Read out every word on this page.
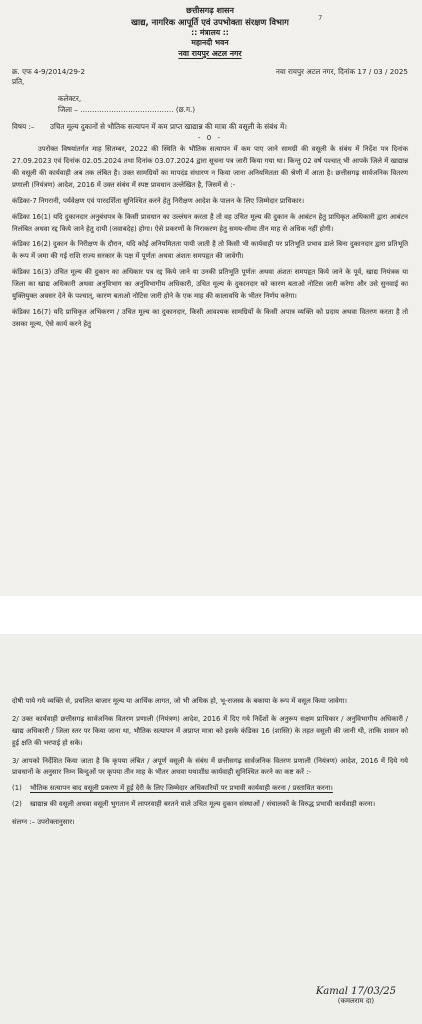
7
छत्तीसगढ़ शासन
खाद्य, नागरिक आपूर्ति एवं उपभोक्ता संरक्षण विभाग
:: मंत्रालय ::
महानदी भवन
नवा रायपुर अटल नगर
क्र. एफ 4-9/2014/29-2	नवा रायपुर अटल नगर, दिनांक 17 / 03 / 2025
प्रति,
कलेक्टर,
जिला – ………………………………… (छ.ग.)
विषय :–	उचित मूल्य दुकानों से भौतिक सत्यापन में कम प्राप्त खाद्यान्न की मात्रा की वसूली के संबंध में।
- 0 -

उपरोक्त विषयांतर्गत माह सितम्बर, 2022 की स्थिति के भौतिक सत्यापन में कम पाए जाने सामग्री की वसूली के संबंध में निर्देश पत्र दिनांक 27.09.2023 एवं दिनांक 02.05.2024 तथा दिनांक 03.07.2024 द्वारा सूचना पत्र जारी किया गया था। किन्तु 02 वर्ष पश्चात् भी आपके जिले में खाद्यान्न की वसूली की कार्यवाही अब तक लंबित है। उक्त सामग्रियों का मापदंड संधारण न किया जाना अनियमितता की श्रेणी में आता है। छत्तीसगढ़ सार्वजनिक वितरण प्रणाली (नियंत्रण) आदेश, 2016 में उक्त संबंध में स्पष्ट प्रावधान उल्लेखित है, जिसमें से :-

कंडिका-7 निगरानी, पर्यवेक्षण एवं पारदर्शिता सुनिश्चित करने हेतु निरीक्षण आदेश के पालन के लिए जिम्मेदार प्राधिकार।

कंडिका 16(1) यदि दुकानदार अनुबंधपत्र के किसी प्रावधान का उल्लंघन करता है तो वह उचित मूल्य की दुकान के आबंटन हेतु प्राधिकृत अधिकारी द्वारा आबंटन निलंबित अथवा रद्द किये जाने हेतु दायी (जवाबदेह) होगा। ऐसे प्रकरणों के निराकरण हेतु समय-सीमा तीन माह से अधिक नहीं होगी।

कंडिका 16(2) दुकान के निरीक्षण के दौरान, यदि कोई अनियमितता पायी जाती है तो किसी भी कार्यवाही पर प्रतिभूति प्रभाव डाले बिना दुकानदार द्वारा प्रतिभूति के रूप में जमा की गई राशि राज्य सरकार के पक्ष में पूर्णतः अथवा अंशतः समपहृत की जावेगी।

कंडिका 16(3) उचित मूल्य की दुकान का अधिकार पत्र रद्द किये जाने या उनकी प्रतिभूति पूर्णतः अथवा अंशतः समपहृत किये जाने के पूर्व, खाद्य नियंत्रक या जिला का खाद्य अधिकारी अथवा अनुविभाग का अनुविभागीय अधिकारी, उचित मूल्य के दुकानदार को कारण बताओ नोटिस जारी करेगा और उसे सुनवाई का युक्तियुक्त अवसर देने के पश्चात्, कारण बताओ नोटिस जारी होने के एक माह की कालावधि के भीतर निर्णय करेगा।

कंडिका 16(7) यदि प्राधिकृत अभिकरण / उचित मूल्य का दुकानदार, किसी आवश्यक सामग्रियों के किसी अपात्र व्यक्ति को प्रदाय अथवा वितरण करता है तो उसका मूल्य, ऐसे कार्य करने हेतु

दोषी पाये गये व्यक्ति से, प्रचलित बाजार मूल्य या आर्थिक लागत, जो भी अधिक हो, भू-राजस्व के बकाया के रूप में वसूल किया जावेगा।

2/ उक्त कार्यवाही छत्तीसगढ़ सार्वजनिक वितरण प्रणाली (नियंत्रण) आदेश, 2016 में दिए गये निर्देशों के अनुरूप सक्षम प्राधिकार / अनुविभागीय अधिकारी / खाद्य अधिकारी / जिला स्तर पर किया जाना था, भौतिक सत्यापन में अप्राप्त मात्रा को इसके कंडिका 16 (शास्ति) के तहत वसूली की जानी थी, ताकि शासन को हुई क्षति की भरपाई हो सके।

3/ आपको निर्देशित किया जाता है कि कृपया लंबित / अपूर्ण वसूली के संबंध में छत्तीसगढ़ सार्वजनिक वितरण प्रणाली (नियंत्रण) आदेश, 2016 में दिये गये प्रावधानों के अनुसार निम्न बिन्दुओं पर कृपया तीन माह के भीतर अथवा यथाशीघ्र कार्यवाही सुनिश्चित करने का कष्ट करें :-

(1)	भौतिक सत्यापन बाद वसूली प्रकरण में हुई देरी के लिए जिम्मेदार अधिकारियों पर प्रभावी कार्यवाही करना / प्रस्तावित करना।
(2)	खाद्यान्न की वसूली अथवा वसूली भुगतान में लापरवाही बरतने वाले उचित मूल्य दुकान संस्थाओं / संचालकों के विरुद्ध प्रभावी कार्यवाही करना।
संलग्न :– उपरोक्तानुसार।
Kamal 17/03/25
(कमलराम दा)
